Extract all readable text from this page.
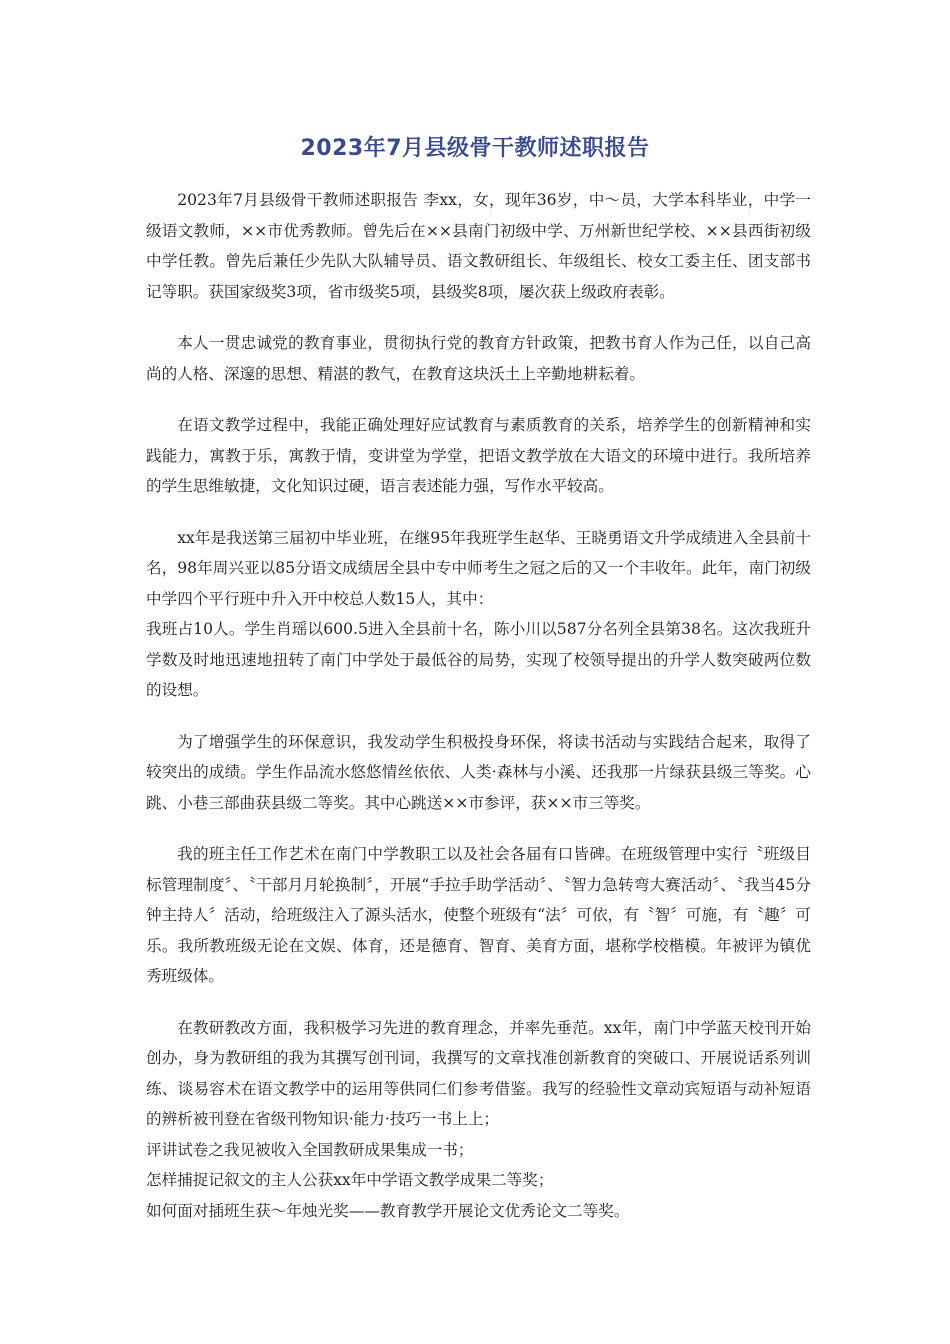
2023年7月县级骨干教师述职报告

2023年7月县级骨干教师述职报告 李xx，女，现年36岁，中～员，大学本科毕业，中学一级语文教师，××市优秀教师。曾先后在××县南门初级中学、万州新世纪学校、××县西街初级中学任教。曾先后兼任少先队大队辅导员、语文教研组长、年级组长、校女工委主任、团支部书记等职。获国家级奖3项，省市级奖5项，县级奖8项，屡次获上级政府表彰。

本人一贯忠诚党的教育事业，贯彻执行党的教育方针政策，把教书育人作为己任，以自己高尚的人格、深邃的思想、精湛的教气，在教育这块沃土上辛勤地耕耘着。

在语文教学过程中，我能正确处理好应试教育与素质教育的关系，培养学生的创新精神和实践能力，寓教于乐，寓教于情，变讲堂为学堂，把语文教学放在大语文的环境中进行。我所培养的学生思维敏捷，文化知识过硬，语言表述能力强，写作水平较高。

xx年是我送第三届初中毕业班，在继95年我班学生赵华、王晓勇语文升学成绩进入全县前十名，98年周兴亚以85分语文成绩居全县中专中师考生之冠之后的又一个丰收年。此年，南门初级中学四个平行班中升入开中校总人数15人，其中：

我班占10人。学生肖瑶以600.5进入全县前十名，陈小川以587分名列全县第38名。这次我班升学数及时地迅速地扭转了南门中学处于最低谷的局势，实现了校领导提出的升学人数突破两位数的设想。

为了增强学生的环保意识，我发动学生积极投身环保，将读书活动与实践结合起来，取得了较突出的成绩。学生作品流水悠悠情丝依依、人类·森林与小溪、还我那一片绿获县级三等奖。心跳、小巷三部曲获县级二等奖。其中心跳送××市参评，获××市三等奖。

我的班主任工作艺术在南门中学教职工以及社会各届有口皆碑。在班级管理中实行〝班级目标管理制度〞、〝干部月月轮换制〞，开展“手拉手助学活动〞、〝智力急转弯大赛活动〞、〝我当45分钟主持人〞活动，给班级注入了源头活水，使整个班级有“法〞可依，有〝智〞可施，有〝趣〞可乐。我所教班级无论在文娱、体育，还是德育、智育、美育方面，堪称学校楷模。年被评为镇优秀班级体。

在教研教改方面，我积极学习先进的教育理念，并率先垂范。xx年，南门中学蓝天校刊开始创办，身为教研组的我为其撰写创刊词，我撰写的文章找准创新教育的突破口、开展说话系列训练、谈易容术在语文教学中的运用等供同仁们参考借鉴。我写的经验性文章动宾短语与动补短语的辨析被刊登在省级刊物知识·能力·技巧一书上上；

评讲试卷之我见被收入全国教研成果集成一书；

怎样捕捉记叙文的主人公获xx年中学语文教学成果二等奖；

如何面对插班生获～年烛光奖——教育教学开展论文优秀论文二等奖。
